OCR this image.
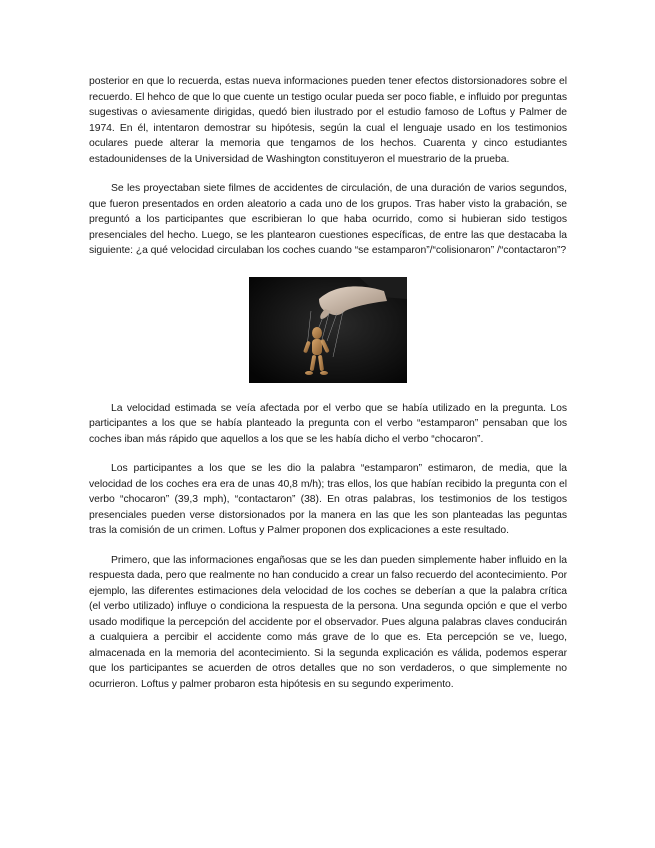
posterior en que lo recuerda, estas nueva informaciones pueden tener efectos distorsionadores sobre el recuerdo. El hehco de que lo que cuente un testigo ocular pueda ser poco fiable, e influido por preguntas sugestivas o aviesamente dirigidas, quedó bien ilustrado por el estudio famoso de Loftus y Palmer de 1974. En él, intentaron demostrar su hipótesis, según la cual el lenguaje usado en los testimonios oculares puede alterar la memoria que tengamos de los hechos. Cuarenta y cinco estudiantes estadounidenses de la Universidad de Washington constituyeron el muestrario de la prueba.

Se les proyectaban siete filmes de accidentes de circulación, de una duración de varios segundos, que fueron presentados en orden aleatorio a cada uno de los grupos. Tras haber visto la grabación, se preguntó a los participantes que escribieran lo que haba ocurrido, como si hubieran sido testigos presenciales del hecho. Luego, se les plantearon cuestiones específicas, de entre las que destacaba la siguiente: ¿a qué velocidad circulaban los coches cuando “se estamparon”/“colisionaron” /“contactaron”?

La velocidad estimada se veía afectada por el verbo que se había utilizado en la pregunta. Los participantes a los que se había planteado la pregunta con el verbo “estamparon” pensaban que los coches iban más rápido que aquellos a los que se les había dicho el verbo “chocaron”.

Los participantes a los que se les dio la palabra “estamparon” estimaron, de media, que la velocidad de los coches era era de unas 40,8 m/h); tras ellos, los que habían recibido la pregunta con el verbo “chocaron” (39,3 mph), “contactaron” (38). En otras palabras, los testimonios de los testigos presenciales pueden verse distorsionados por la manera en las que les son planteadas las peguntas tras la comisión de un crimen. Loftus y Palmer proponen dos explicaciones a este resultado.

Primero, que las informaciones engañosas que se les dan pueden simplemente haber influido en la respuesta dada, pero que realmente no han conducido a crear un falso recuerdo del acontecimiento. Por ejemplo, las diferentes estimaciones dela velocidad de los coches se deberían a que la palabra crítica (el verbo utilizado) influye o condiciona la respuesta de la persona. Una segunda opción e que el verbo usado modifique la percepción del accidente por el observador. Pues alguna palabras claves conducirán a cualquiera a percibir el accidente como más grave de lo que es. Eta percepción se ve, luego, almacenada en la memoria del acontecimiento. Si la segunda explicación es válida, podemos esperar que los participantes se acuerden de otros detalles que no son verdaderos, o que simplemente no ocurrieron. Loftus y palmer probaron esta hipótesis en su segundo experimento.
